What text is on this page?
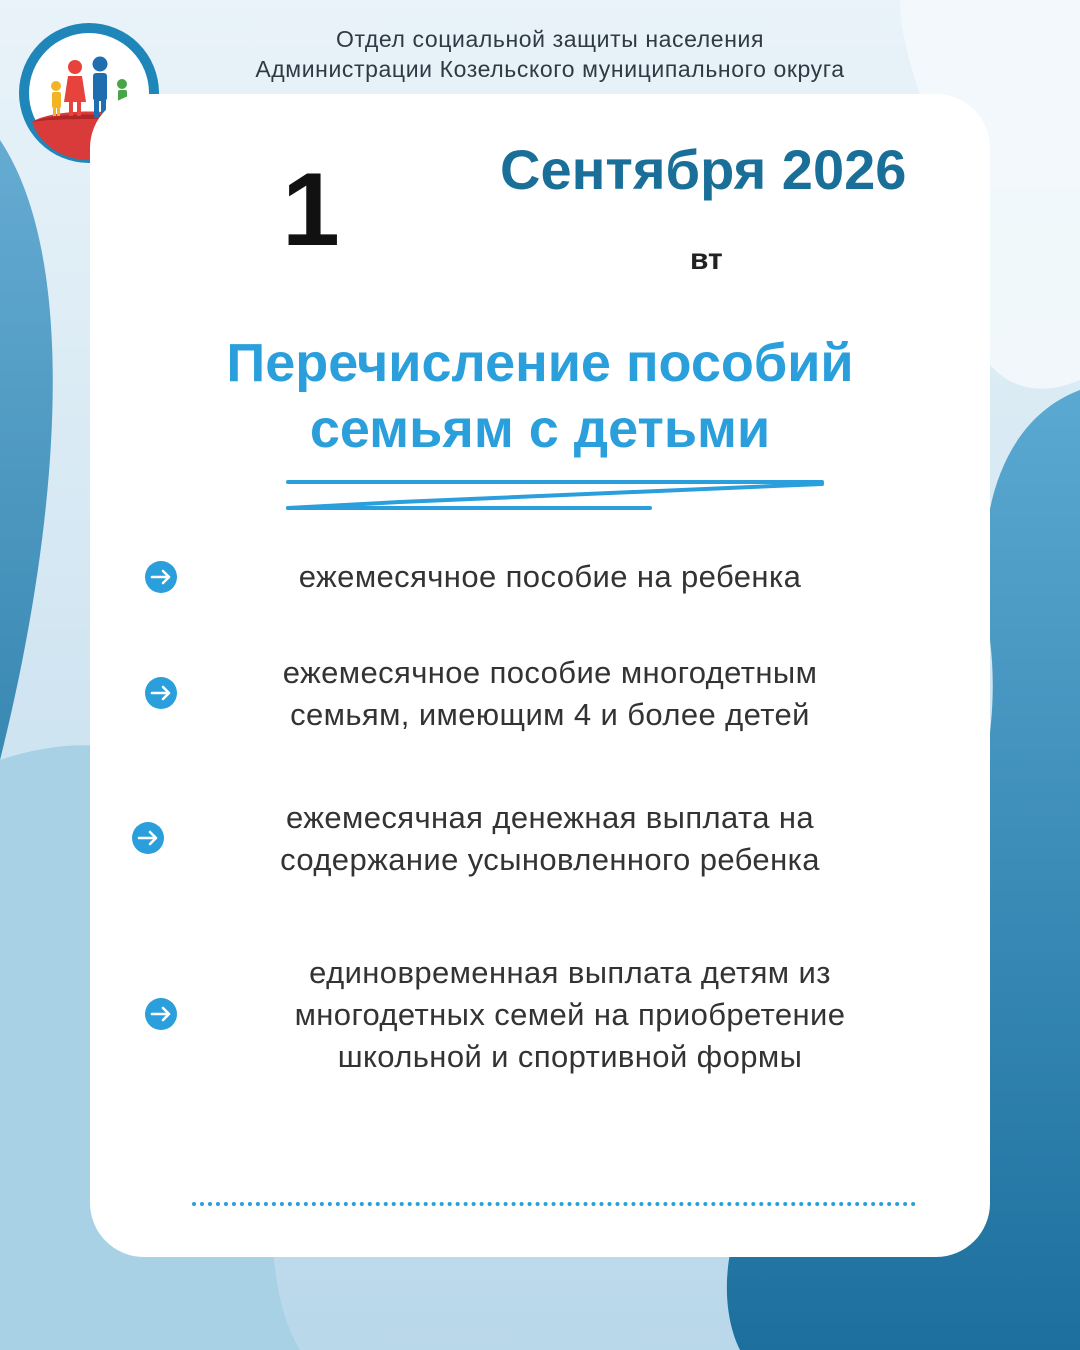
Отдел социальной защиты населения
Администрации Козельского муниципального округа
1	Сентября 2026
вт
Перечисление пособий
семьям с детьми
ежемесячное пособие на ребенка
ежемесячное пособие многодетным
семьям, имеющим 4 и более детей
ежемесячная денежная выплата на
содержание усыновленного ребенка
единовременная выплата детям из
многодетных семей на приобретение
школьной и спортивной формы
